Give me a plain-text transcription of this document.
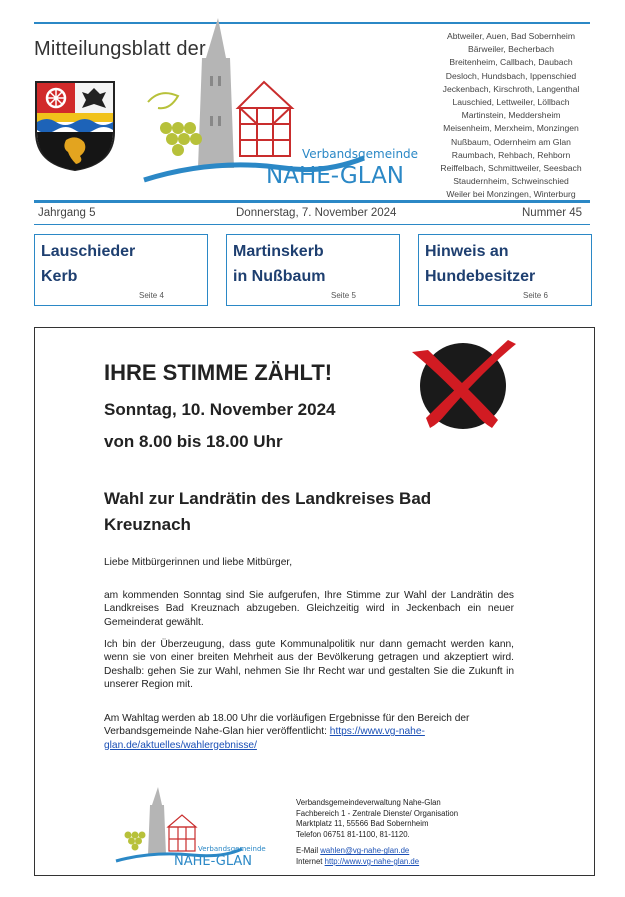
Mitteilungsblatt der
Verbandsgemeinde
NAHE-GLAN
Abtweiler, Auen, Bad Sobernheim
Bärweiler, Becherbach
Breitenheim, Callbach, Daubach
Desloch, Hundsbach, Ippenschied
Jeckenbach, Kirschroth, Langenthal
Lauschied, Lettweiler, Löllbach
Martinstein, Meddersheim
Meisenheim, Merxheim, Monzingen
Nußbaum, Odernheim am Glan
Raumbach, Rehbach, Rehborn
Reiffelbach, Schmittweiler, Seesbach
Staudernheim, Schweinschied
Weiler bei Monzingen, Winterburg
Jahrgang 5	Donnerstag, 7. November 2024	Nummer 45
Lauschieder
Kerb
Seite 4
Martinskerb
in Nußbaum
Seite 5
Hinweis an
Hundebesitzer
Seite 6
IHRE STIMME ZÄHLT!
Sonntag, 10. November 2024
von 8.00 bis 18.00 Uhr
Wahl zur Landrätin des Landkreises Bad Kreuznach
Liebe Mitbürgerinnen und liebe Mitbürger,
am kommenden Sonntag sind Sie aufgerufen, Ihre Stimme zur Wahl der Landrätin des Landkreises Bad Kreuznach abzugeben. Gleichzeitig wird in Jeckenbach ein neuer Gemeinderat gewählt.
Ich bin der Überzeugung, dass gute Kommunalpolitik nur dann gemacht werden kann, wenn sie von einer breiten Mehrheit aus der Bevölkerung getragen und akzeptiert wird. Deshalb: gehen Sie zur Wahl, nehmen Sie Ihr Recht war und gestalten Sie die Zukunft in unserer Region mit.
Am Wahltag werden ab 18.00 Uhr die vorläufigen Ergebnisse für den Bereich der Verbandsgemeinde Nahe-Glan hier veröffentlicht: https://www.vg-nahe-glan.de/aktuelles/wahlergebnisse/
Verbandsgemeinde
NAHE-GLAN
Verbandsgemeindeverwaltung Nahe-Glan
Fachbereich 1 - Zentrale Dienste/ Organisation
Marktplatz 11, 55566 Bad Sobernheim
Telefon 06751 81-1100, 81-1120.
E-Mail wahlen@vg-nahe-glan.de
Internet http://www.vg-nahe-glan.de
